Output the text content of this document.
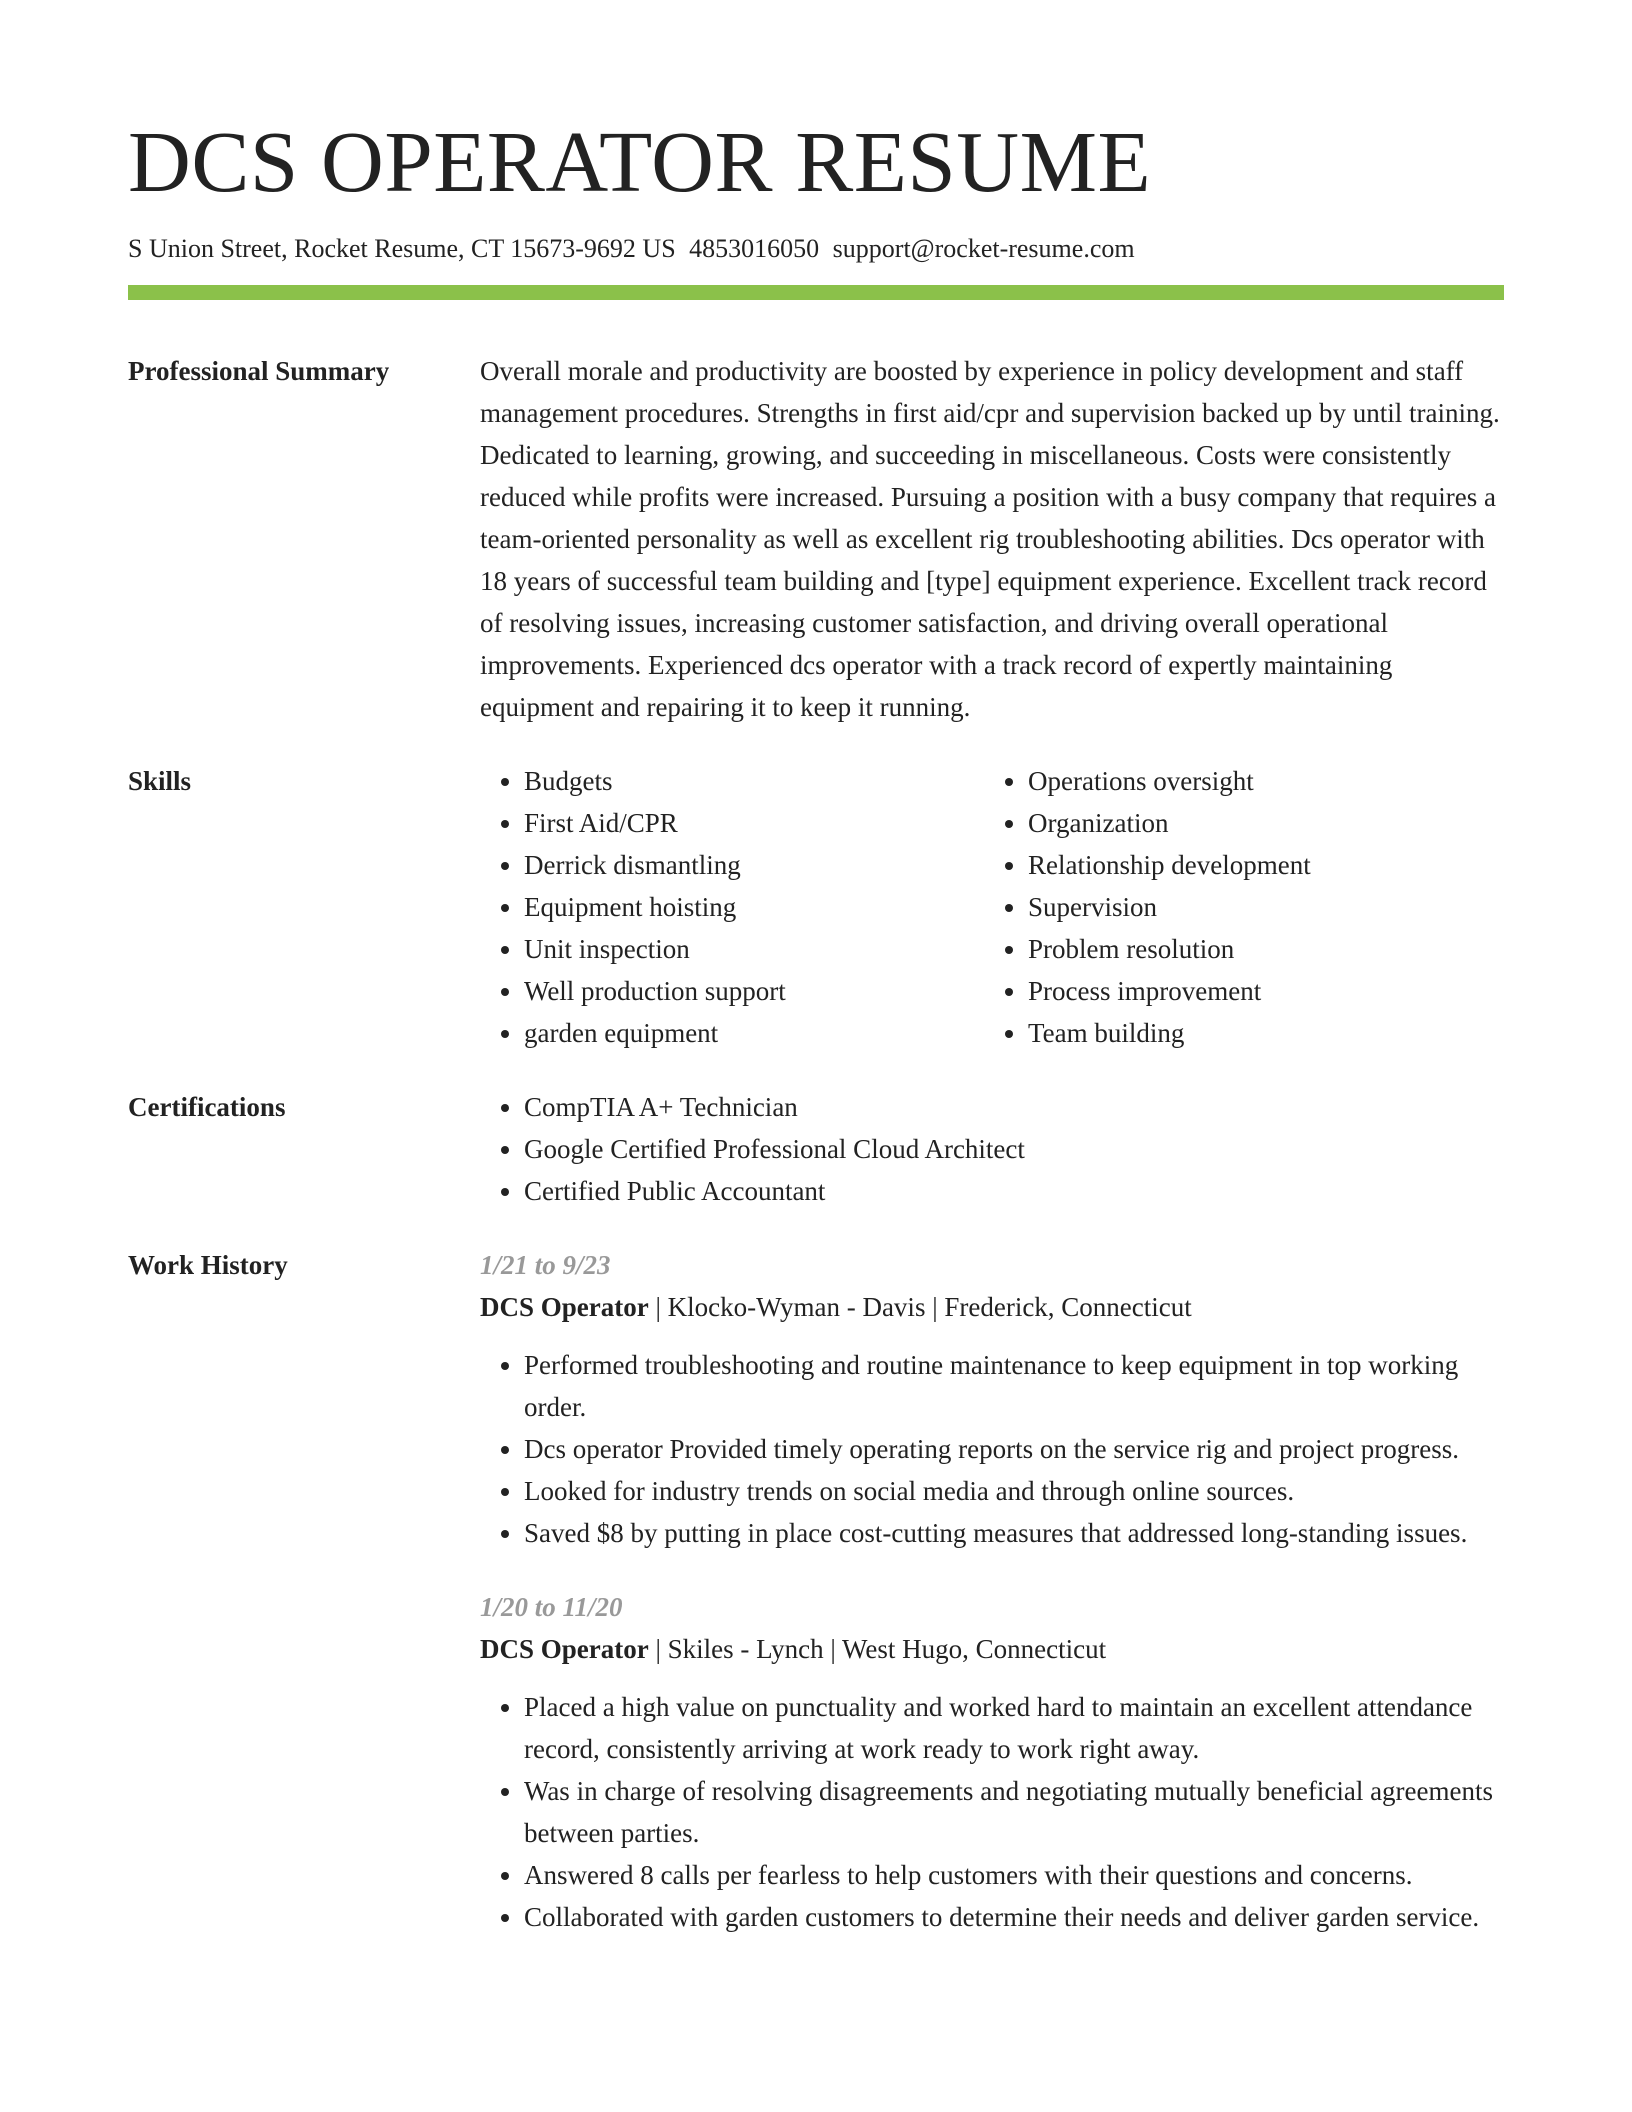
DCS OPERATOR RESUME
S Union Street, Rocket Resume, CT 15673-9692 US 4853016050 support@rocket-resume.com
Professional Summary	Overall morale and productivity are boosted by experience in policy development and staff management procedures. Strengths in first aid/cpr and supervision backed up by until training. Dedicated to learning, growing, and succeeding in miscellaneous. Costs were consistently reduced while profits were increased. Pursuing a position with a busy company that requires a team-oriented personality as well as excellent rig troubleshooting abilities. Dcs operator with 18 years of successful team building and [type] equipment experience. Excellent track record of resolving issues, increasing customer satisfaction, and driving overall operational improvements. Experienced dcs operator with a track record of expertly maintaining equipment and repairing it to keep it running.

Skills	• Budgets
• First Aid/CPR
• Derrick dismantling
• Equipment hoisting
• Unit inspection
• Well production support
• garden equipment
• Operations oversight
• Organization
• Relationship development
• Supervision
• Problem resolution
• Process improvement
• Team building
Certifications	• CompTIA A+ Technician
• Google Certified Professional Cloud Architect
• Certified Public Accountant
Work History	1/21 to 9/23
DCS Operator | Klocko-Wyman - Davis | Frederick, Connecticut
• Performed troubleshooting and routine maintenance to keep equipment in top working order.
• Dcs operator Provided timely operating reports on the service rig and project progress.
• Looked for industry trends on social media and through online sources.
• Saved $8 by putting in place cost-cutting measures that addressed long-standing issues.
1/20 to 11/20
DCS Operator | Skiles - Lynch | West Hugo, Connecticut
• Placed a high value on punctuality and worked hard to maintain an excellent attendance record, consistently arriving at work ready to work right away.
• Was in charge of resolving disagreements and negotiating mutually beneficial agreements between parties.
• Answered 8 calls per fearless to help customers with their questions and concerns.
• Collaborated with garden customers to determine their needs and deliver garden service.
